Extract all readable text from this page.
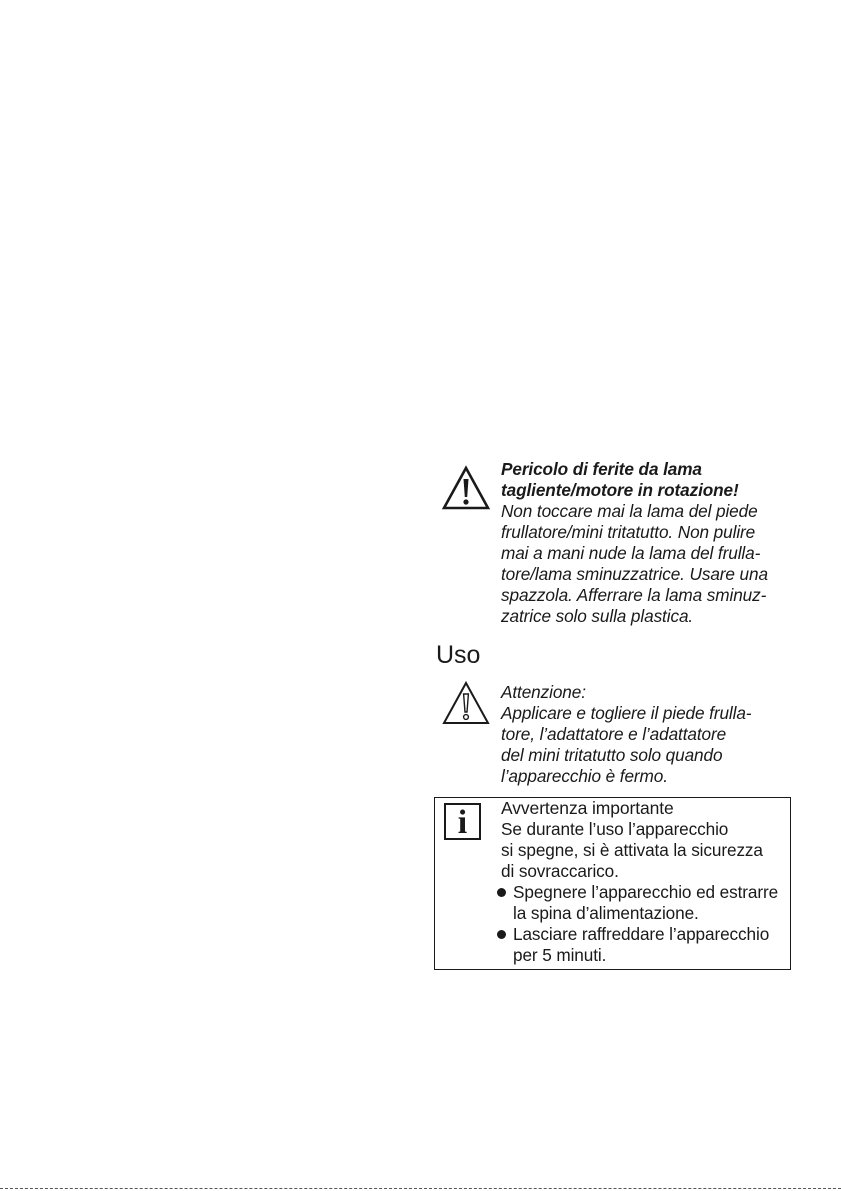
Pericolo di ferite da lama
tagliente/motore in rotazione!
Non toccare mai la lama del piede
frullatore/mini tritatutto. Non pulire
mai a mani nude la lama del frulla-
tore/lama sminuzzatrice. Usare una
spazzola. Afferrare la lama sminuz-
zatrice solo sulla plastica.
Uso
Attenzione:
Applicare e togliere il piede frulla-
tore, l’adattatore e l’adattatore
del mini tritatutto solo quando
l’apparecchio è fermo.
i	Avvertenza importante
Se durante l’uso l’apparecchio
si spegne, si è attivata la sicurezza
di sovraccarico.
Spegnere l’apparecchio ed estrarre
la spina d’alimentazione.
Lasciare raffreddare l’apparecchio
per 5 minuti.
